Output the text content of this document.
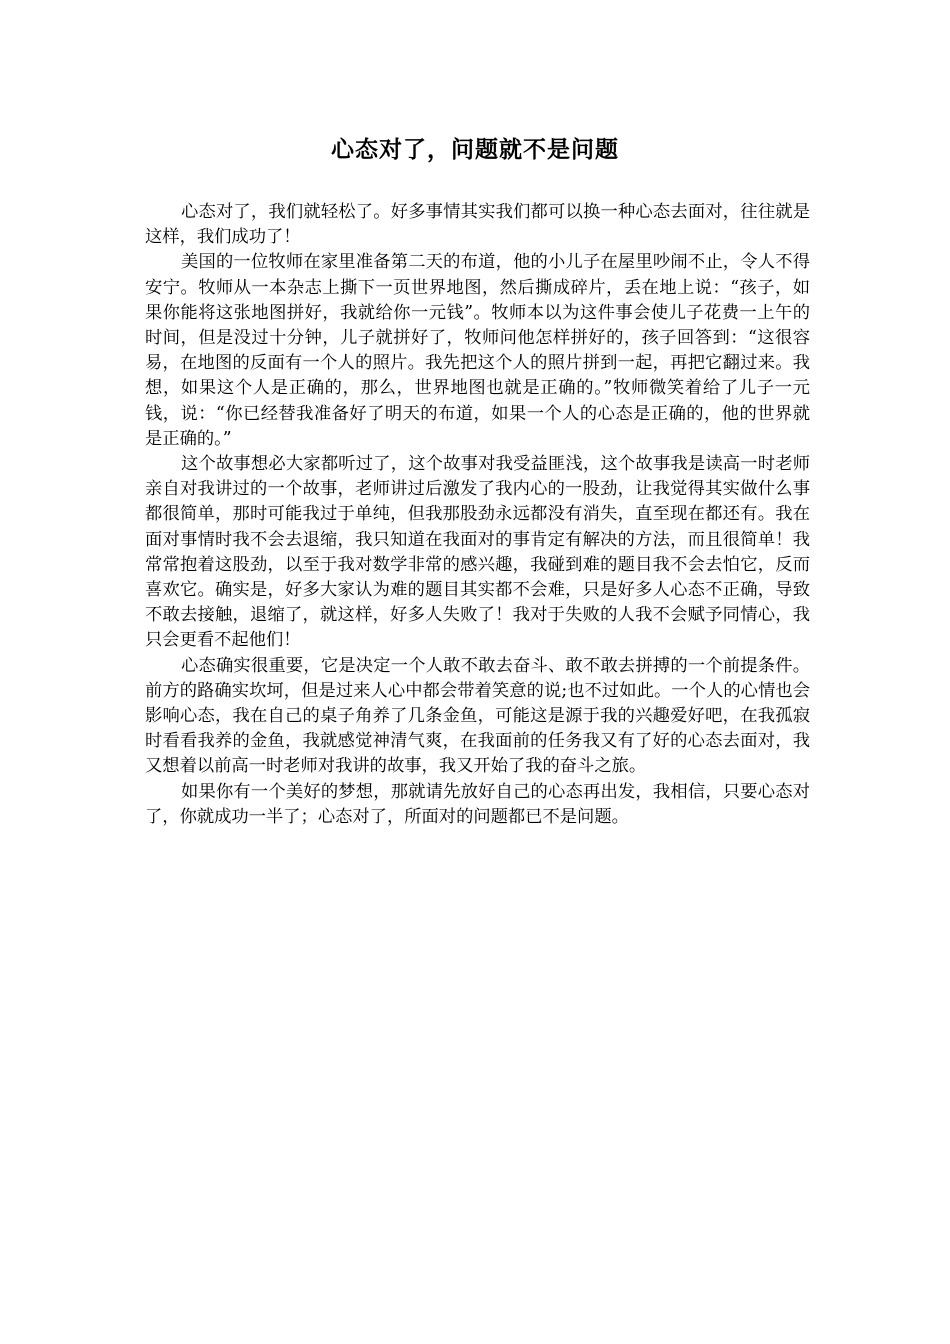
心态对了，问题就不是问题

心态对了，我们就轻松了。好多事情其实我们都可以换一种心态去面对，往往就是这样，我们成功了！

美国的一位牧师在家里准备第二天的布道，他的小儿子在屋里吵闹不止，令人不得安宁。牧师从一本杂志上撕下一页世界地图，然后撕成碎片，丢在地上说：“孩子，如果你能将这张地图拼好，我就给你一元钱”。牧师本以为这件事会使儿子花费一上午的时间，但是没过十分钟，儿子就拼好了，牧师问他怎样拼好的，孩子回答到：“这很容易，在地图的反面有一个人的照片。我先把这个人的照片拼到一起，再把它翻过来。我想，如果这个人是正确的，那么，世界地图也就是正确的。”牧师微笑着给了儿子一元钱，说：“你已经替我准备好了明天的布道，如果一个人的心态是正确的，他的世界就是正确的。”

这个故事想必大家都听过了，这个故事对我受益匪浅，这个故事我是读高一时老师亲自对我讲过的一个故事，老师讲过后激发了我内心的一股劲，让我觉得其实做什么事都很简单，那时可能我过于单纯，但我那股劲永远都没有消失，直至现在都还有。我在面对事情时我不会去退缩，我只知道在我面对的事肯定有解决的方法，而且很简单！我常常抱着这股劲，以至于我对数学非常的感兴趣，我碰到难的题目我不会去怕它，反而喜欢它。确实是，好多大家认为难的题目其实都不会难，只是好多人心态不正确，导致不敢去接触，退缩了，就这样，好多人失败了！我对于失败的人我不会赋予同情心，我只会更看不起他们！

心态确实很重要，它是决定一个人敢不敢去奋斗、敢不敢去拼搏的一个前提条件。前方的路确实坎坷，但是过来人心中都会带着笑意的说;也不过如此。一个人的心情也会影响心态，我在自己的桌子角养了几条金鱼，可能这是源于我的兴趣爱好吧，在我孤寂时看看我养的金鱼，我就感觉神清气爽，在我面前的任务我又有了好的心态去面对，我又想着以前高一时老师对我讲的故事，我又开始了我的奋斗之旅。

如果你有一个美好的梦想，那就请先放好自己的心态再出发，我相信，只要心态对了，你就成功一半了；心态对了，所面对的问题都已不是问题。
